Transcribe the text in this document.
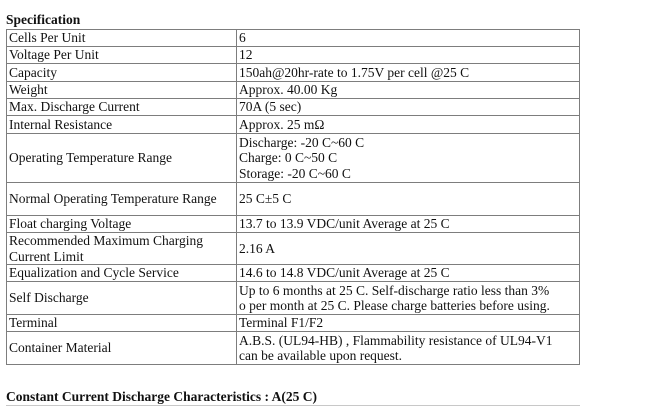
Specification
Cells Per Unit	6
Voltage Per Unit	12
Capacity	150ah@20hr-rate to 1.75V per cell @25 C
Weight	Approx. 40.00 Kg
Max. Discharge Current	70A (5 sec)
Internal Resistance	Approx. 25 mΩ
Operating Temperature Range	Discharge: -20 C~60 C
Charge: 0 C~50 C
Storage: -20 C~60 C

Normal Operating Temperature Range	25 C±5 C
Float charging Voltage	13.7 to 13.9 VDC/unit Average at 25 C
Recommended Maximum Charging Current Limit	2.16 A
Equalization and Cycle Service	14.6 to 14.8 VDC/unit Average at 25 C
Self Discharge	Up to 6 months at 25 C. Self-discharge ratio less than 3%
o per month at 25 C. Please charge batteries before using.

Terminal	Terminal F1/F2
Container Material	A.B.S. (UL94-HB) , Flammability resistance of UL94-V1
can be available upon request.
Constant Current Discharge Characteristics : A(25 C)
